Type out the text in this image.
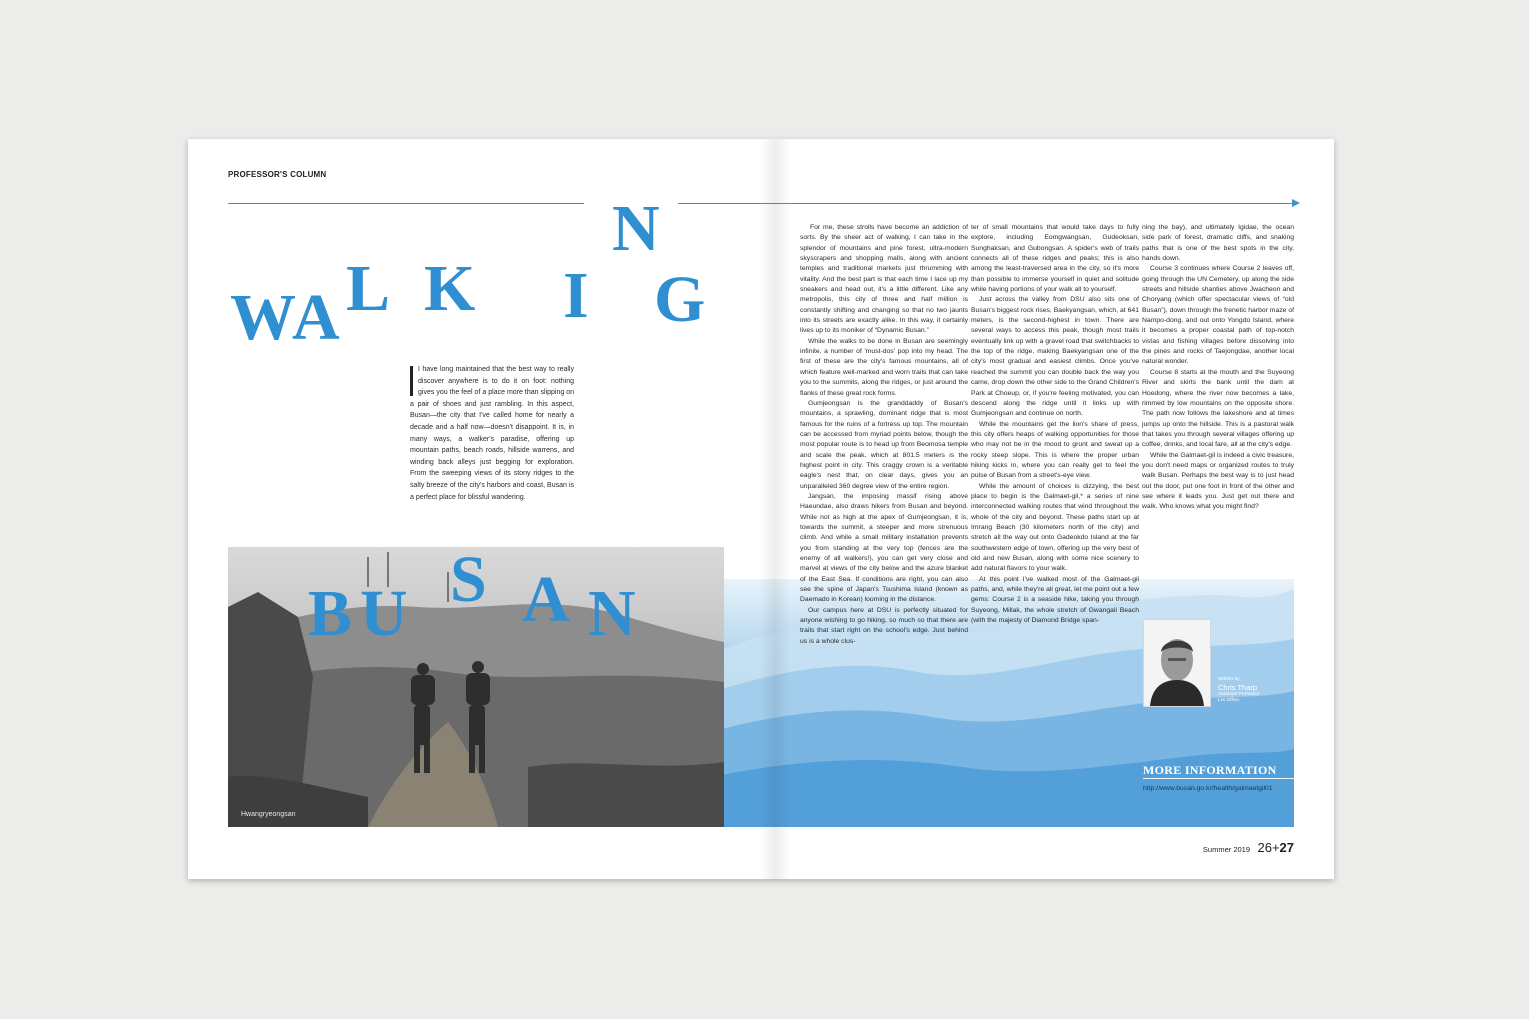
PROFESSOR'S COLUMN
W
A L K I
N
G
I have long maintained that the best way to really discover anywhere is to do it on foot: nothing gives you the feel of a place more than slipping on a pair of shoes and just rambling. In this aspect, Busan—the city that I've called home for nearly a decade and a half now—doesn't disappoint. It is, in many ways, a walker's paradise, offering up mountain paths, beach roads, hillside warrens, and winding back alleys just begging for exploration. From the sweeping views of its stony ridges to the salty breeze of the city's harbors and coast, Busan is a perfect place for blissful wandering.
Hwangryeongsan
B U S A N

For me, these strolls have become an addiction of sorts. By the sheer act of walking, I can take in the splendor of mountains and pine forest, ultra-modern skyscrapers and shopping malls, along with ancient temples and traditional markets just thrumming with vitality. And the best part is that each time I lace up my sneakers and head out, it's a little different. Like any metropolis, this city of three and half million is constantly shifting and changing so that no two jaunts into its streets are exactly alike. In this way, it certainly lives up to its moniker of “Dynamic Busan.”

While the walks to be done in Busan are seemingly infinite, a number of 'must-dos' pop into my head. The first of these are the city's famous mountains, all of which feature well-marked and worn trails that can take you to the summits, along the ridges, or just around the flanks of these great rock forms.

Gumjeongsan is the granddaddy of Busan's mountains, a sprawling, dominant ridge that is most famous for the ruins of a fortress up top. The mountain can be accessed from myriad points below, though the most popular route is to head up from Beomosa temple and scale the peak, which at 801.5 meters is the highest point in city. This craggy crown is a veritable eagle's nest that, on clear days, gives you an unparalleled 360 degree view of the entire region.

Jangsan, the imposing massif rising above Haeundae, also draws hikers from Busan and beyond. While not as high at the apex of Gumjeongsan, it is, towards the summit, a steeper and more strenuous climb. And while a small military installation prevents you from standing at the very top (fences are the enemy of all walkers!), you can get very close and marvel at views of the city below and the azure blanket of the East Sea. If conditions are right, you can also see the spine of Japan's Tsushima Island (known as Daemado in Korean) looming in the distance.

Our campus here at DSU is perfectly situated for anyone wishing to go hiking, so much so that there are trails that start right on the school's edge. Just behind us is a whole clus-

ter of small mountains that would take days to fully explore, including Eomgwangsan, Gudeoksan, Sunghaksan, and Gubongsan. A spider's web of trails connects all of these ridges and peaks; this is also among the least-traversed area in the city, so it's more than possible to immerse yourself in quiet and solitude while having portions of your walk all to yourself.

Just across the valley from DSU also sits one of Busan's biggest rock rises, Baekyangsan, which, at 641 meters, is the second-highest in town. There are several ways to access this peak, though most trails eventually link up with a gravel road that switchbacks to the top of the ridge, making Baekyangsan one of the city's most gradual and easiest climbs. Once you've reached the summit you can double back the way you came, drop down the other side to the Grand Children's Park at Choeup, or, if you're feeling motivated, you can descend along the ridge until it links up with Gumjeongsan and continue on north.

While the mountains get the lion's share of press, this city offers heaps of walking opportunities for those who may not be in the mood to grunt and sweat up a rocky steep slope. This is where the proper urban hiking kicks in, where you can really get to feel the pulse of Busan from a street's-eye view.

While the amount of choices is dizzying, the best place to begin is the Galmaet-gil,* a series of nine interconnected walking routes that wind throughout the whole of the city and beyond. These paths start up at Imrang Beach (30 kilometers north of the city) and stretch all the way out onto Gadeokdo Island at the far southwestern edge of town, offering up the very best of old and new Busan, along with some nice scenery to add natural flavors to your walk.

At this point I've walked most of the Galmaet-gil paths, and, while they're all great, let me point out a few gems: Course 2 is a seaside hike, taking you through Suyeong, Millak, the whole stretch of Gwangali Beach (with the majesty of Diamond Bridge span-

ning the bay), and ultimately Igidae, the ocean side park of forest, dramatic cliffs, and snaking paths that is one of the best spots in the city, hands down.

Course 3 continues where Course 2 leaves off, going through the UN Cemetery, up along the side streets and hillside shanties above Jwacheon and Choryang (which offer spectacular views of “old Busan”), down through the frenetic harbor maze of Nampo-dong, and out onto Yongdo Island, where it becomes a proper coastal path of top-notch vistas and fishing villages before dissolving into the pines and rocks of Taejongdae, another local natural wonder.

Course 8 starts at the mouth and the Suyeong River and skirts the bank until the dam at Hoedong, where the river now becomes a lake, rimmed by low mountains on the opposite shore. The path now follows the lakeshore and at times jumps up onto the hillside. This is a pastoral walk that takes you through several villages offering up coffee, drinks, and local fare, all at the city's edge.

While the Galmaet-gil is indeed a civic treasure, you don't need maps or organized routes to truly walk Busan. Perhaps the best way is to just head out the door, put one foot in front of the other and see where it leads you. Just get out there and walk. Who knows what you might find?

Written by
Chris Tharp
Assistant Professor
LIX Office
MORE INFORMATION
http://www.busan.go.kr/health/galmaetgil01
Summer 2019 26+27
